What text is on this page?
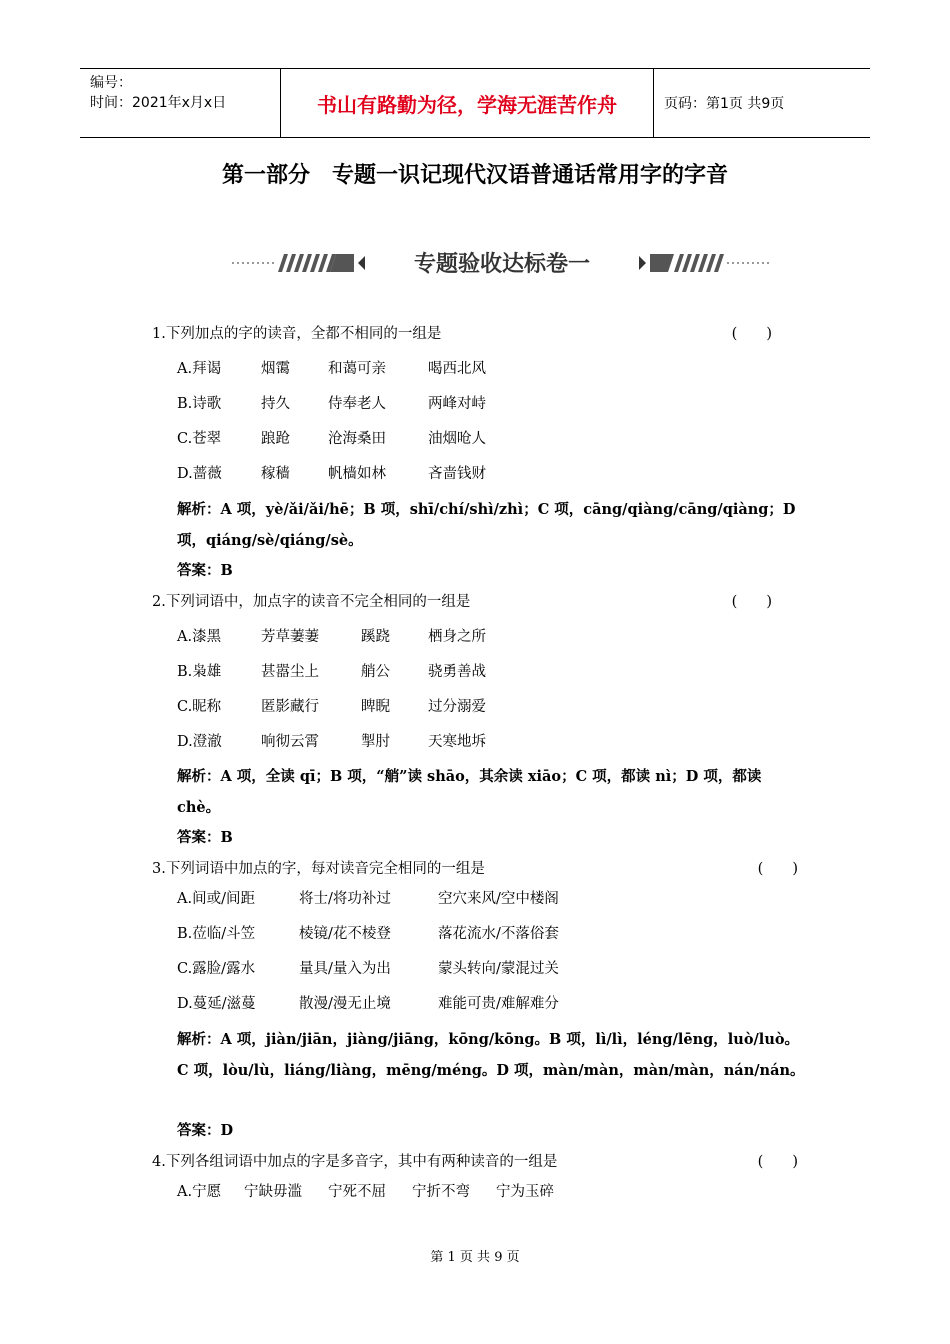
编号：
时间：2021年x月x日	书山有路勤为径，学海无涯苦作舟	页码：第1页 共9页
第一部分　专题一识记现代汉语普通话常用字的字音
专题验收达标卷一
1.下列加点的字的读音，全都不相同的一组是	(　　)
A.拜谒	烟霭	和蔼可亲	喝西北风
B.诗歌	持久	侍奉老人	两峰对峙
C.苍翠	踉跄	沧海桑田	油烟呛人
D.蔷薇	稼穑	帆樯如林	吝啬钱财
解析：A 项，yè/ǎi/ǎi/hē；B 项，shī/chí/shì/zhì；C 项，cāng/qiàng/cāng/qiàng；D 项，qiáng/sè/qiáng/sè。
答案：B
2.下列词语中，加点字的读音不完全相同的一组是	(　　)
A.漆黑	芳草萋萋	蹊跷	栖身之所
B.枭雄	甚嚣尘上	艄公	骁勇善战
C.昵称	匿影藏行	睥睨	过分溺爱
D.澄澈	响彻云霄	掣肘	天寒地坼
解析：A 项，全读 qī；B 项，“艄”读 shāo，其余读 xiāo；C 项，都读 nì；D 项，都读 chè。
答案：B
3.下列词语中加点的字，每对读音完全相同的一组是	(　　)
A.间或/间距	将士/将功补过	空穴来风/空中楼阁
B.莅临/斗笠	棱镜/花不棱登	落花流水/不落俗套
C.露脸/露水	量具/量入为出	蒙头转向/蒙混过关
D.蔓延/滋蔓	散漫/漫无止境	难能可贵/难解难分
解析：A 项，jiàn/jiān，jiàng/jiāng，kōng/kōng。B 项，lì/lì，léng/lēng，luò/luò。C 项，lòu/lù，liáng/liàng，mēng/méng。D 项，màn/màn，màn/màn，nán/nán。
答案：D
4.下列各组词语中加点的字是多音字，其中有两种读音的一组是	(　　)
A.宁愿 宁缺毋滥 宁死不屈 宁折不弯 宁为玉碎
第 1 页 共 9 页
